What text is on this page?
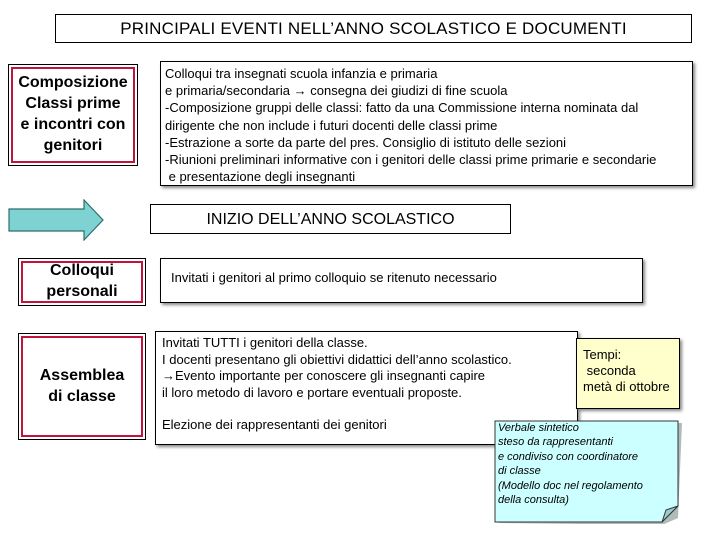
PRINCIPALI EVENTI NELL’ANNO SCOLASTICO E DOCUMENTI
Composizione
Classi prime
e incontri con
genitori
Colloqui tra insegnati scuola infanzia e primaria
e primaria/secondaria → consegna dei giudizi di fine scuola
-Composizione gruppi delle classi: fatto da una Commissione interna nominata dal
dirigente che non include i futuri docenti delle classi prime
-Estrazione a sorte da parte del pres. Consiglio di istituto delle sezioni
-Riunioni preliminari informative con i genitori delle classi prime primarie e secondarie
e presentazione degli insegnanti
INIZIO DELL’ANNO SCOLASTICO
Colloqui
personali
Invitati i genitori al primo colloquio se ritenuto necessario
Assemblea
di classe
Invitati TUTTI i genitori della classe.
I docenti presentano gli obiettivi didattici dell’anno scolastico.
→Evento importante per conoscere gli insegnanti capire
il loro metodo di lavoro e portare eventuali proposte.
Elezione dei rappresentanti dei genitori
Tempi:
seconda
metà di ottobre
Verbale sintetico
steso da rappresentanti
e condiviso con coordinatore
di classe
(Modello doc nel regolamento
della consulta)
